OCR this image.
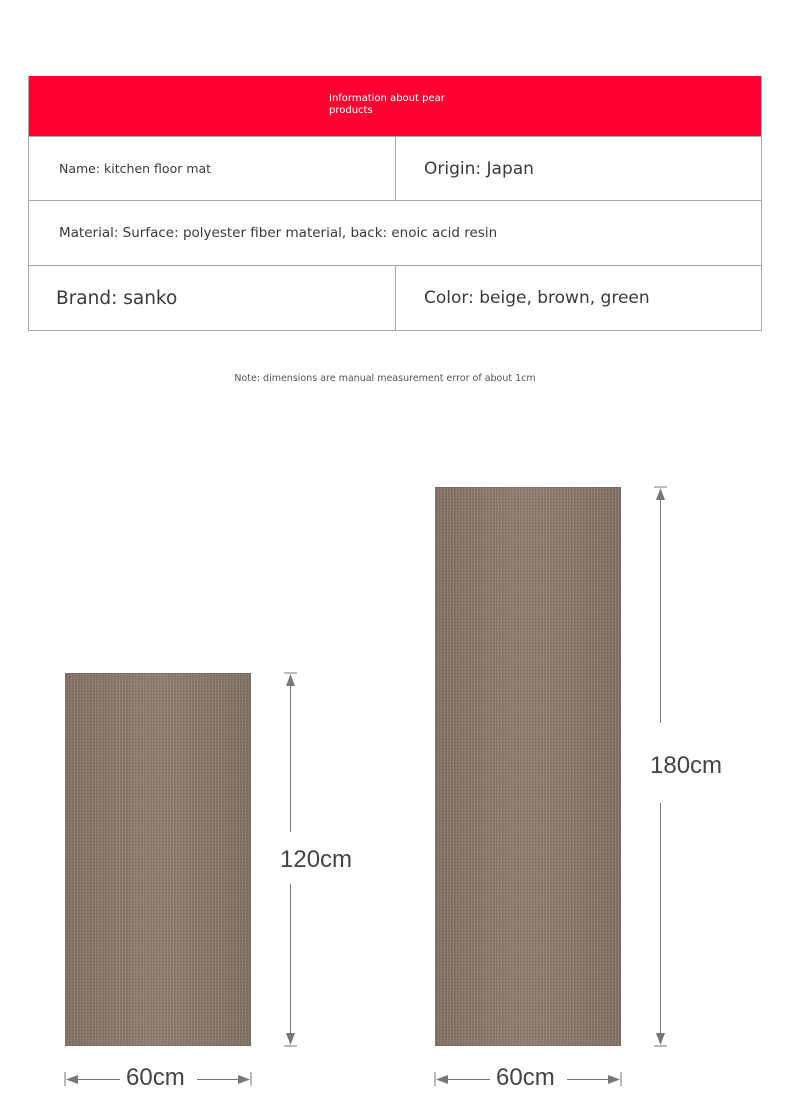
Information about pear products
Name: kitchen floor mat	Origin: Japan
Material: Surface: polyester fiber material, back: enoic acid resin
Brand: sanko	Color: beige, brown, green
Note: dimensions are manual measurement error of about 1cm
120cm
180cm
60cm	60cm
